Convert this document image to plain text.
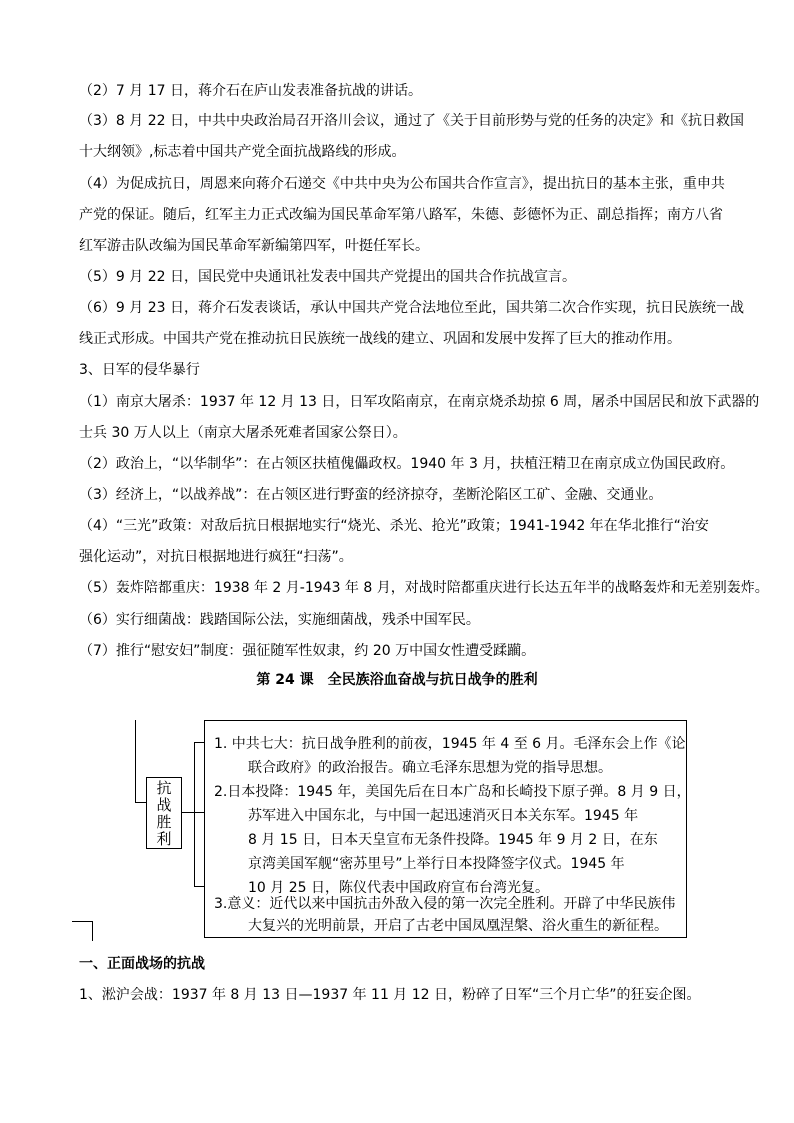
（2）7 月 17 日，蒋介石在庐山发表准备抗战的讲话。
（3）8 月 22 日，中共中央政治局召开洛川会议，通过了《关于目前形势与党的任务的决定》和《抗日救国
十大纲领》,标志着中国共产党全面抗战路线的形成。
（4）为促成抗日，周恩来向蒋介石递交《中共中央为公布国共合作宣言》，提出抗日的基本主张，重申共
产党的保证。随后，红军主力正式改编为国民革命军第八路军，朱德、彭德怀为正、副总指挥；南方八省
红军游击队改编为国民革命军新编第四军，叶挺任军长。
（5）9 月 22 日，国民党中央通讯社发表中国共产党提出的国共合作抗战宣言。
（6）9 月 23 日，蒋介石发表谈话，承认中国共产党合法地位至此，国共第二次合作实现，抗日民族统一战
线正式形成。中国共产党在推动抗日民族统一战线的建立、巩固和发展中发挥了巨大的推动作用。
3、日军的侵华暴行
（1）南京大屠杀：1937 年 12 月 13 日，日军攻陷南京，在南京烧杀劫掠 6 周，屠杀中国居民和放下武器的
士兵 30 万人以上（南京大屠杀死难者国家公祭日）。
（2）政治上，“以华制华”：在占领区扶植傀儡政权。1940 年 3 月，扶植汪精卫在南京成立伪国民政府。
（3）经济上，“以战养战”：在占领区进行野蛮的经济掠夺，垄断沦陷区工矿、金融、交通业。
（4）“三光”政策：对敌后抗日根据地实行“烧光、杀光、抢光”政策；1941-1942 年在华北推行“治安
强化运动”，对抗日根据地进行疯狂“扫荡”。
（5）轰炸陪都重庆：1938 年 2 月-1943 年 8 月，对战时陪都重庆进行长达五年半的战略轰炸和无差别轰炸。
（6）实行细菌战：践踏国际公法，实施细菌战，残杀中国军民。
（7）推行“慰安妇”制度：强征随军性奴隶，约 20 万中国女性遭受蹂躏。
第 24 课　全民族浴血奋战与抗日战争的胜利
抗
战
胜
利
1. 中共七大：抗日战争胜利的前夜，1945 年 4 至 6 月。毛泽东会上作《论
联合政府》的政治报告。确立毛泽东思想为党的指导思想。
2.日本投降：1945 年，美国先后在日本广岛和长崎投下原子弹。8 月 9 日，
苏军进入中国东北，与中国一起迅速消灭日本关东军。1945 年
8 月 15 日，日本天皇宣布无条件投降。1945 年 9 月 2 日，在东
京湾美国军舰“密苏里号”上举行日本投降签字仪式。1945 年
10 月 25 日，陈仪代表中国政府宣布台湾光复。
3.意义：近代以来中国抗击外敌入侵的第一次完全胜利。开辟了中华民族伟
大复兴的光明前景，开启了古老中国凤凰涅槃、浴火重生的新征程。
一、正面战场的抗战
1、淞沪会战：1937 年 8 月 13 日—1937 年 11 月 12 日，粉碎了日军“三个月亡华”的狂妄企图。
